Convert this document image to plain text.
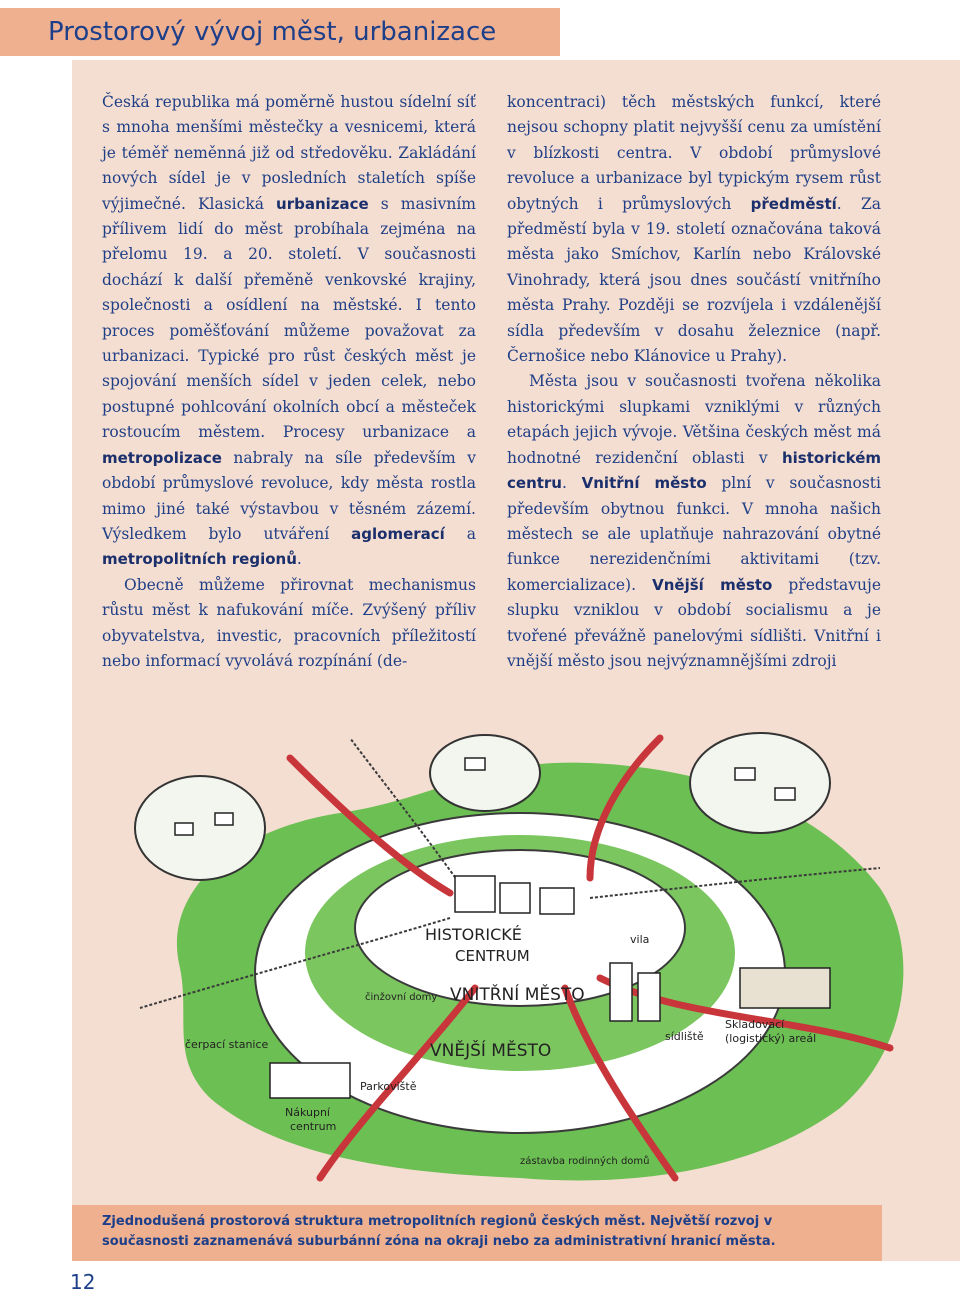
Prostorový vývoj měst, urbanizace

Česká republika má poměrně hustou sídelní síť s mnoha menšími městečky a vesnicemi, která je téměř neměnná již od středověku. Zakládání nových sídel je v posledních staletích spíše výjimečné. Klasická urbanizace s masivním přílivem lidí do měst probíhala zejména na přelomu 19. a 20. století. V současnosti dochází k další přeměně venkovské krajiny, společnosti a osídlení na městské. I tento proces poměšťování můžeme považovat za urbanizaci. Typické pro růst českých měst je spojování menších sídel v jeden celek, nebo postupné pohlcování okolních obcí a městeček rostoucím městem. Procesy urbanizace a metropolizace nabraly na síle především v období průmyslové revoluce, kdy města rostla mimo jiné také výstavbou v těsném zázemí. Výsledkem bylo utváření aglomerací a metropolitních regionů.

Obecně můžeme přirovnat mechanismus růstu měst k nafukování míče. Zvýšený příliv obyvatelstva, investic, pracovních příležitostí nebo informací vyvolává rozpínání (de-

koncentraci) těch městských funkcí, které nejsou schopny platit nejvyšší cenu za umístění v blízkosti centra. V období průmyslové revoluce a urbanizace byl typickým rysem růst obytných i průmyslových předměstí. Za předměstí byla v 19. století označována taková města jako Smíchov, Karlín nebo Královské Vinohrady, která jsou dnes součástí vnitřního města Prahy. Později se rozvíjela i vzdálenější sídla především v dosahu železnice (např. Černošice nebo Klánovice u Prahy).

Města jsou v současnosti tvořena několika historickými slupkami vzniklými v různých etapách jejich vývoje. Většina českých měst má hodnotné rezidenční oblasti v historickém centru. Vnitřní město plní v současnosti především obytnou funkci. V mnoha našich městech se ale uplatňuje nahrazování obytné funkce nerezidenčními aktivitami (tzv. komercializace). Vnější město představuje slupku vzniklou v období socialismu a je tvořené převážně panelovými sídlišti. Vnitřní i vnější město jsou nejvýznamnějšími zdroji

HISTORICKÉ
CENTRUM
činžovní domy VNITŘNÍ MĚSTO
VNĚJŠÍ MĚSTO
vila
sídliště
Skladovací
(logistický) areál
čerpací stanice
Parkoviště
Nákupní
centrum
zástavba rodinných domů
Zjednodušená prostorová struktura metropolitních regionů českých měst. Největší rozvoj v současnosti zaznamenává suburbánní zóna na okraji nebo za administrativní hranicí města.
12
